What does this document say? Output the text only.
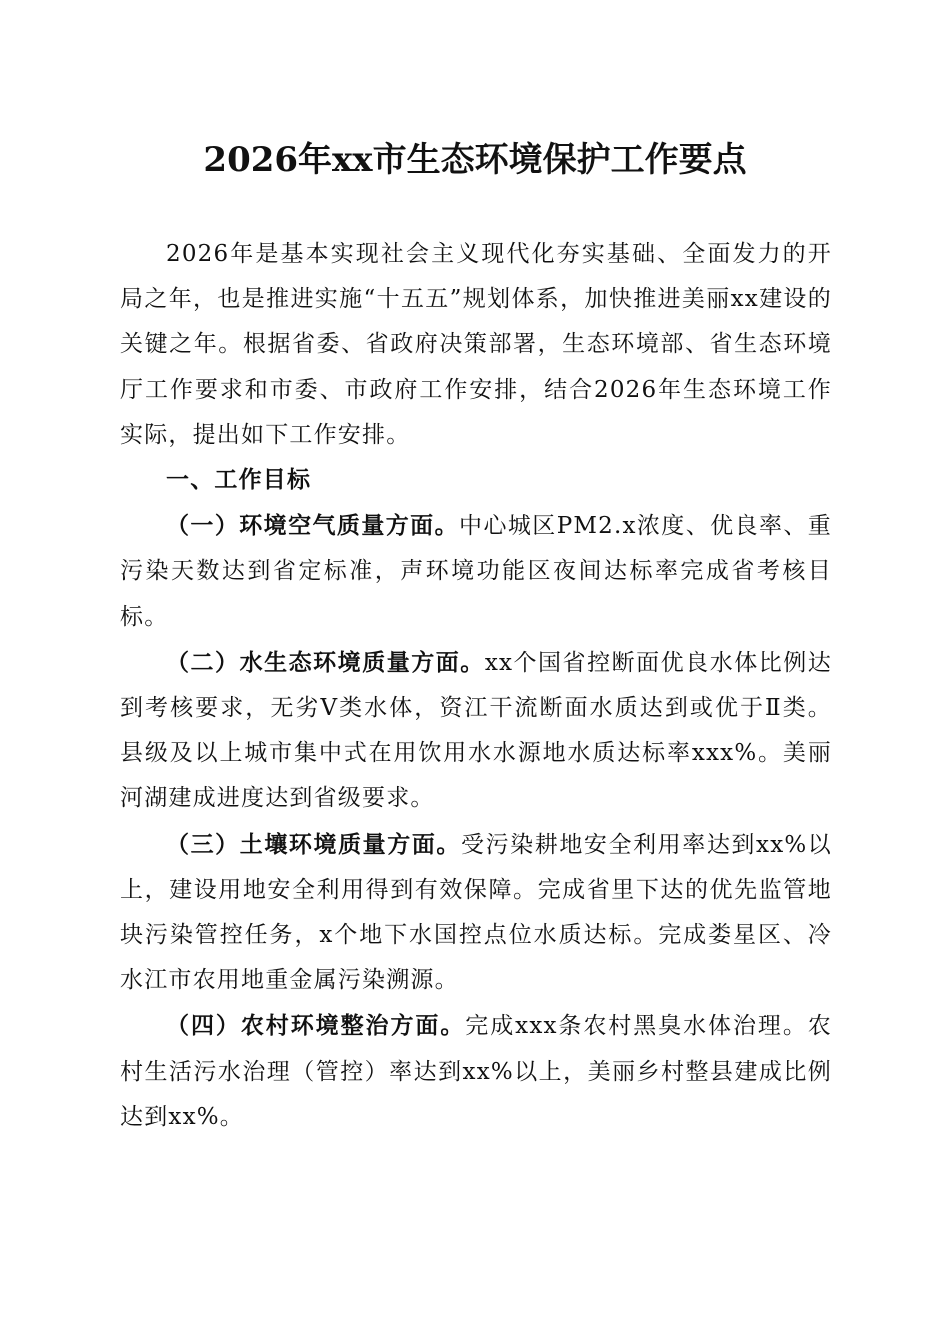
2026年xx市生态环境保护工作要点

2026年是基本实现社会主义现代化夯实基础、全面发力的开局之年，也是推进实施“十五五”规划体系，加快推进美丽xx建设的关键之年。根据省委、省政府决策部署，生态环境部、省生态环境厅工作要求和市委、市政府工作安排，结合2026年生态环境工作实际，提出如下工作安排。

一、工作目标

（一）环境空气质量方面。中心城区PM2.x浓度、优良率、重污染天数达到省定标准，声环境功能区夜间达标率完成省考核目标。

（二）水生态环境质量方面。xx个国省控断面优良水体比例达到考核要求，无劣Ⅴ类水体，资江干流断面水质达到或优于Ⅱ类。县级及以上城市集中式在用饮用水水源地水质达标率xxx%。美丽河湖建成进度达到省级要求。

（三）土壤环境质量方面。受污染耕地安全利用率达到xx%以上，建设用地安全利用得到有效保障。完成省里下达的优先监管地块污染管控任务，x个地下水国控点位水质达标。完成娄星区、冷水江市农用地重金属污染溯源。

（四）农村环境整治方面。完成xxx条农村黑臭水体治理。农村生活污水治理（管控）率达到xx%以上，美丽乡村整县建成比例达到xx%。
